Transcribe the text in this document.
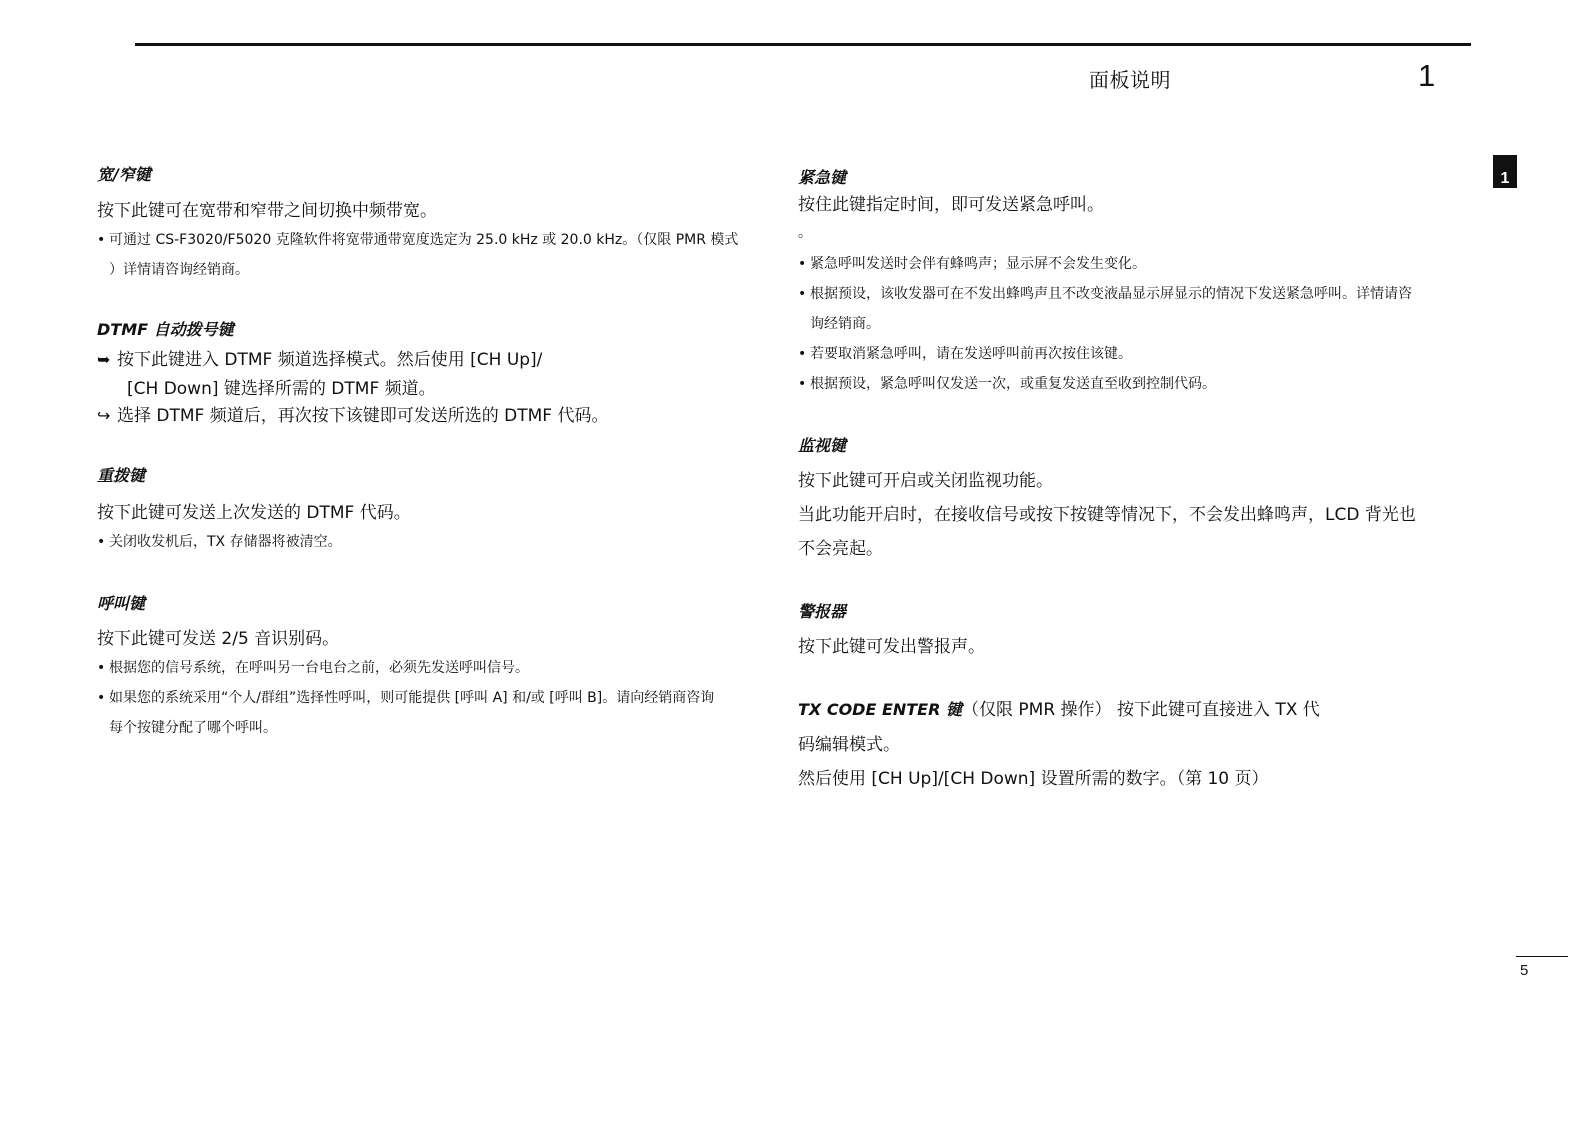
面板说明	1
1
宽/窄键
按下此键可在宽带和窄带之间切换中频带宽。
• 可通过 CS-F3020/F5020 克隆软件将宽带通带宽度选定为 25.0 kHz 或 20.0 kHz。（仅限 PMR 模式
）详情请咨询经销商。
DTMF 自动拨号键
➥ 按下此键进入 DTMF 频道选择模式。然后使用 [CH Up]/
[CH Down] 键选择所需的 DTMF 频道。
↪ 选择 DTMF 频道后，再次按下该键即可发送所选的 DTMF 代码。
重拨键
按下此键可发送上次发送的 DTMF 代码。
• 关闭收发机后，TX 存储器将被清空。
呼叫键
按下此键可发送 2/5 音识别码。
• 根据您的信号系统，在呼叫另一台电台之前，必须先发送呼叫信号。
• 如果您的系统采用“个人/群组”选择性呼叫，则可能提供 [呼叫 A] 和/或 [呼叫 B]。请向经销商咨询
每个按键分配了哪个呼叫。
紧急键
按住此键指定时间，即可发送紧急呼叫。
。
• 紧急呼叫发送时会伴有蜂鸣声；显示屏不会发生变化。
• 根据预设，该收发器可在不发出蜂鸣声且不改变液晶显示屏显示的情况下发送紧急呼叫。详情请咨
询经销商。
• 若要取消紧急呼叫，请在发送呼叫前再次按住该键。
• 根据预设，紧急呼叫仅发送一次，或重复发送直至收到控制代码。
监视键
按下此键可开启或关闭监视功能。
当此功能开启时，在接收信号或按下按键等情况下，不会发出蜂鸣声，LCD 背光也
不会亮起。
警报器
按下此键可发出警报声。
TX CODE ENTER 键（仅限 PMR 操作） 按下此键可直接进入 TX 代
码编辑模式。
然后使用 [CH Up]/[CH Down] 设置所需的数字。（第 10 页）
5
